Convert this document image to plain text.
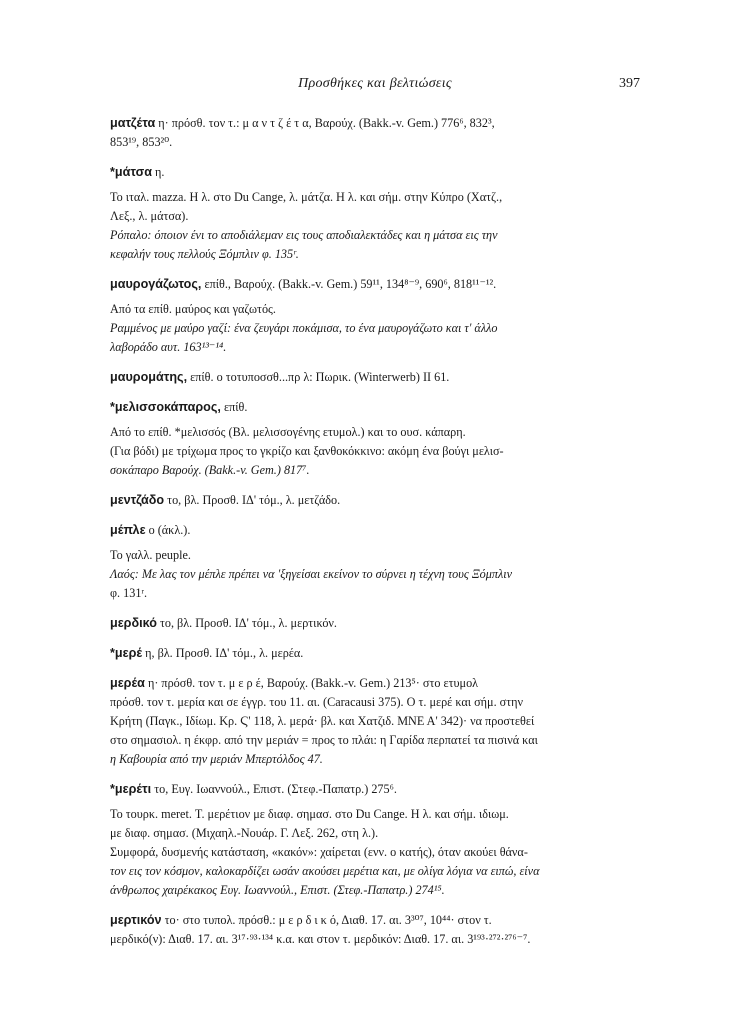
Προσθήκες και βελτιώσεις	397

ματζέτα η· πρόσθ. τον τ.: μ α ν τ ζ έ τ α, Βαρούχ. (Bakk.-v. Gem.) 776⁶, 832³,

853¹⁹, 853²⁰.

*μάτσα η.

Το ιταλ. mazza. Η λ. στο Du Cange, λ. μάτζα. Η λ. και σήμ. στην Κύπρο (Χατζ.,

Λεξ., λ. μάτσα).

Ρόπαλο: όποιον ένι το αποδιάλεμαν εις τους αποδιαλεκτάδες και η μάτσα εις την

κεφαλήν τους πελλούς Ξόμπλιν φ. 135ʳ.

μαυρογάζωτος, επίθ., Βαρούχ. (Bakk.-v. Gem.) 59¹¹, 134⁸⁻⁹, 690⁶, 818¹¹⁻¹².

Από τα επίθ. μαύρος και γαζωτός.

Ραμμένος με μαύρο γαζί: ένα ζευγάρι ποκάμισα, το ένα μαυρογάζωτο και τ' άλλο

λαβοράδο αυτ. 163¹³⁻¹⁴.

μαυρομάτης, επίθ. ο τοτυποσσθ...πρ λ: Πωρικ. (Winterwerb) II 61.

*μελισσοκάπαρος, επίθ.

Από το επίθ. *μελισσός (Βλ. μελισσογένης ετυμολ.) και το ουσ. κάπαρη.

(Για βόδι) με τρίχωμα προς το γκρίζο και ξανθοκόκκινο: ακόμη ένα βούγι μελισ-

σοκάπαρο Βαρούχ. (Bakk.-v. Gem.) 817⁷.

μεντζάδο το, βλ. Προσθ. ΙΔ' τόμ., λ. μετζάδο.

μέπλε ο (άκλ.).

Το γαλλ. peuple.

Λαός: Με λας τον μέπλε πρέπει να 'ξηγείσαι εκείνον το σύρνει η τέχνη τους Ξόμπλιν

φ. 131ʳ.

μερδικό το, βλ. Προσθ. ΙΔ' τόμ., λ. μερτικόν.

*μερέ η, βλ. Προσθ. ΙΔ' τόμ., λ. μερέα.

μερέα η· πρόσθ. τον τ. μ ε ρ έ, Βαρούχ. (Bakk.-v. Gem.) 213⁵· στο ετυμολ

πρόσθ. τον τ. μερία και σε έγγρ. του 11. αι. (Caracausi 375). Ο τ. μερέ και σήμ. στην

Κρήτη (Παγκ., Ιδίωμ. Κρ. Ϛ' 118, λ. μερά· βλ. και Χατζιδ. ΜΝΕ Α' 342)· να προστεθεί

στο σημασιολ. η έκφρ. από την μεριάν = προς το πλάι: η Γαρίδα περπατεί τα πισινά και

η Καβουρία από την μεριάν Μπερτόλδος 47.

*μερέτι το, Ευγ. Ιωαννούλ., Επιστ. (Στεφ.-Παπατρ.) 275⁶.

Το τουρκ. meret. Τ. μερέτιον με διαφ. σημασ. στο Du Cange. Η λ. και σήμ. ιδιωμ.

με διαφ. σημασ. (Μιχαηλ.-Νουάρ. Γ. Λεξ. 262, στη λ.).

Συμφορά, δυσμενής κατάσταση, «κακόν»: χαίρεται (ενν. ο κατής), όταν ακούει θάνα-

τον εις τον κόσμον, καλοκαρδίζει ωσάν ακούσει μερέτια και, με ολίγα λόγια να ειπώ, είνα

άνθρωπος χαιρέκακος Ευγ. Ιωαννούλ., Επιστ. (Στεφ.-Παπατρ.) 274¹⁵.

μερτικόν το· στο τυπολ. πρόσθ.: μ ε ρ δ ι κ ό, Διαθ. 17. αι. 3³⁰⁷, 10⁴⁴· στον τ.

μερδικό(ν): Διαθ. 17. αι. 3¹⁷·⁹³·¹³⁴ κ.α. και στον τ. μερδικόν: Διαθ. 17. αι. 3¹⁹³·²⁷²·²⁷⁶⁻⁷.
